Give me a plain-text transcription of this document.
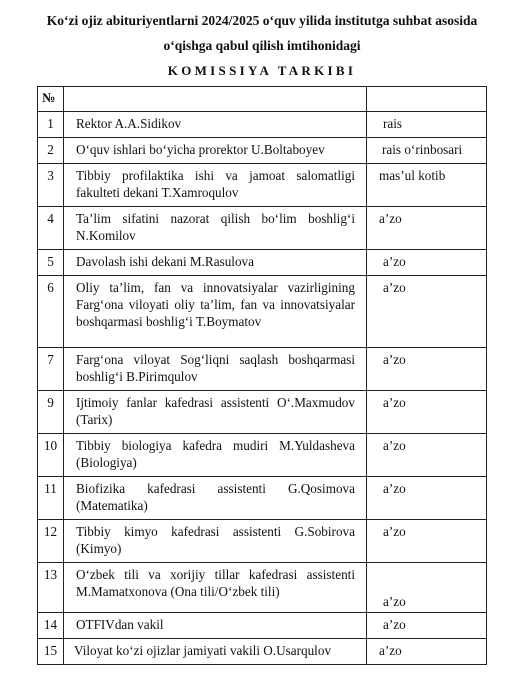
Ko‘zi ojiz abituriyentlarni 2024/2025 o‘quv yilida institutga suhbat asosida
o‘qishga qabul qilish imtihonidagi
KOMISSIYA TARKIBI
№		
1	Rektor A.A.Sidikov	rais
2	O‘quv ishlari bo‘yicha prorektor U.Boltaboyev	rais o‘rinbosari
3	Tibbiy profilaktika ishi va jamoat salomatligi fakulteti dekani T.Xamroqulov	mas’ul kotib
4	Ta’lim sifatini nazorat qilish bo‘lim boshlig‘i N.Komilov	a’zo
5	Davolash ishi dekani M.Rasulova	a’zo
6	Oliy ta’lim, fan va innovatsiyalar vazirligining Farg‘ona viloyati oliy ta’lim, fan va innovatsiyalar boshqarmasi boshlig‘i T.Boymatov	a’zo
7	Farg‘ona viloyat Sog‘liqni saqlash boshqarmasi boshlig‘i B.Pirimqulov	a’zo
9	Ijtimoiy fanlar kafedrasi assistenti O‘.Maxmudov (Tarix)	a’zo
10	Tibbiy biologiya kafedra mudiri M.Yuldasheva (Biologiya)	a’zo
11	Biofizika kafedrasi assistenti G.Qosimova (Matematika)	a’zo
12	Tibbiy kimyo kafedrasi assistenti G.Sobirova (Kimyo)	a’zo
13	O‘zbek tili va xorijiy tillar kafedrasi assistenti M.Mamatxonova (Ona tili/O‘zbek tili)	a’zo
14	OTFIVdan vakil	a’zo
15	Viloyat ko‘zi ojizlar jamiyati vakili O.Usarqulov	a’zo
